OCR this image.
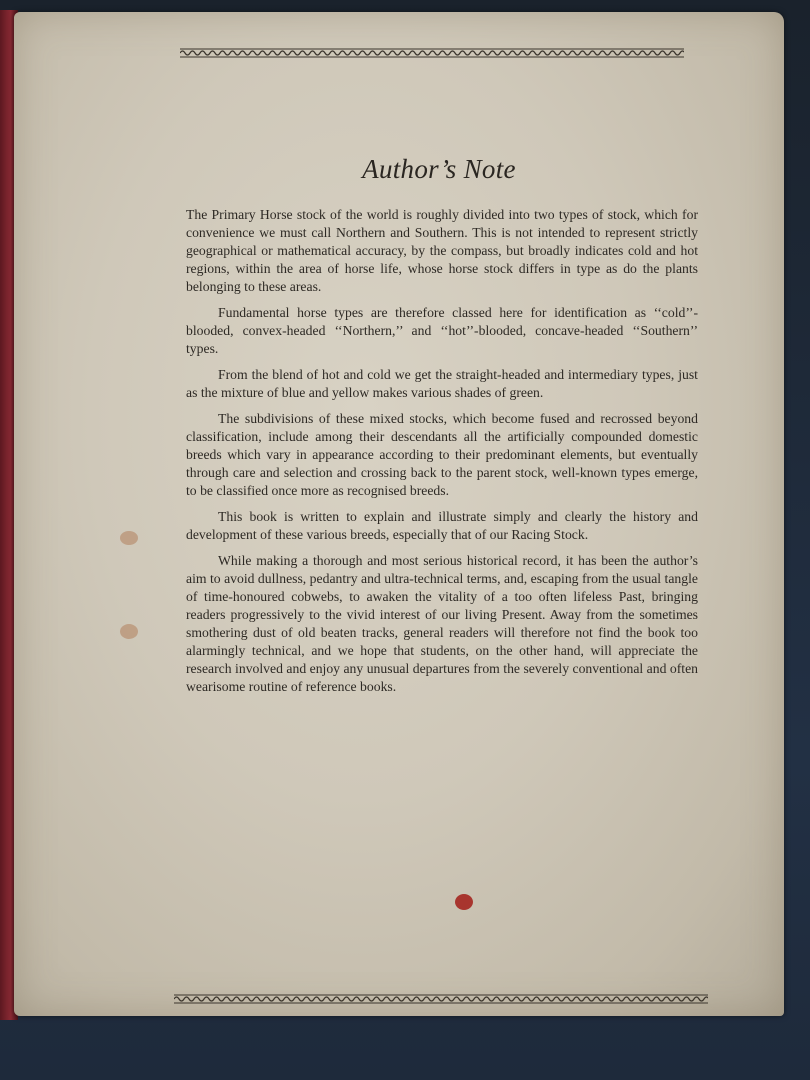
Author’s Note

The Primary Horse stock of the world is roughly divided into two types of stock, which for convenience we must call Northern and Southern. This is not intended to represent strictly geographical or mathematical accuracy, by the compass, but broadly indicates cold and hot regions, within the area of horse life, whose horse stock differs in type as do the plants belonging to these areas.

Fundamental horse types are therefore classed here for identification as ‘‘cold’’-blooded, convex-headed ‘‘Northern,’’ and ‘‘hot’’-blooded, concave-headed ‘‘Southern’’ types.

From the blend of hot and cold we get the straight-headed and intermediary types, just as the mixture of blue and yellow makes various shades of green.

The subdivisions of these mixed stocks, which become fused and recrossed beyond classification, include among their descendants all the artificially compounded domestic breeds which vary in appearance according to their predominant elements, but eventually through care and selection and crossing back to the parent stock, well-known types emerge, to be classified once more as recognised breeds.

This book is written to explain and illustrate simply and clearly the history and development of these various breeds, especially that of our Racing Stock.

While making a thorough and most serious historical record, it has been the author’s aim to avoid dullness, pedantry and ultra-technical terms, and, escaping from the usual tangle of time-honoured cobwebs, to awaken the vitality of a too often lifeless Past, bringing readers progressively to the vivid interest of our living Present. Away from the sometimes smothering dust of old beaten tracks, general readers will therefore not find the book too alarmingly technical, and we hope that students, on the other hand, will appreciate the research involved and enjoy any unusual departures from the severely conventional and often wearisome routine of reference books.
